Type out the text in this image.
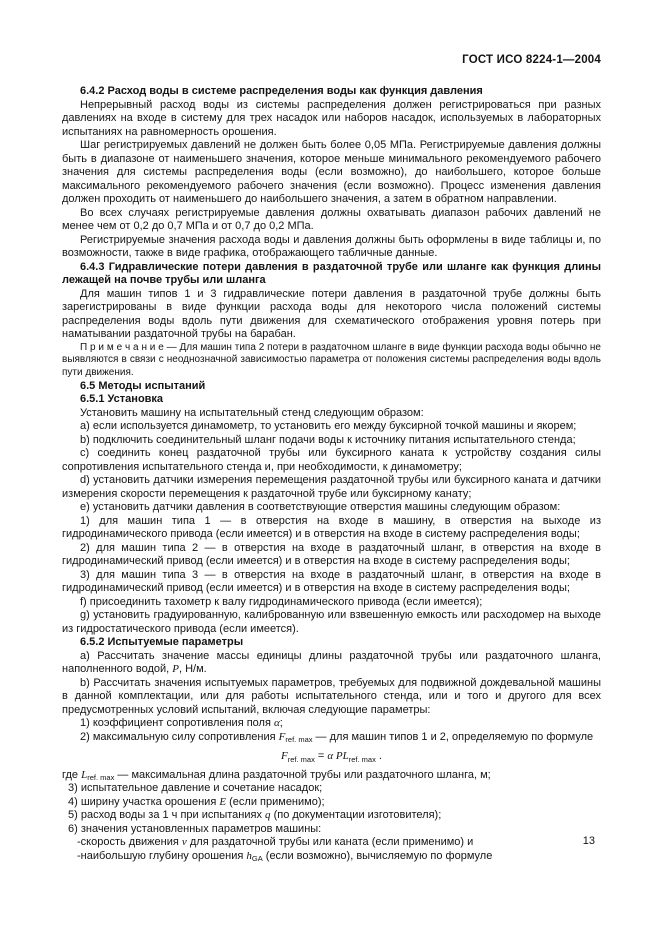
ГОСТ ИСО 8224-1—2004

6.4.2 Расход воды в системе распределения воды как функция давления

Непрерывный расход воды из системы распределения должен регистрироваться при разных давлениях на входе в систему для трех насадок или наборов насадок, используемых в лабораторных испытаниях на равномерность орошения.

Шаг регистрируемых давлений не должен быть более 0,05 МПа. Регистрируемые давления должны быть в диапазоне от наименьшего значения, которое меньше минимального рекомендуемого рабочего значения для системы распределения воды (если возможно), до наибольшего, которое больше максимального рекомендуемого рабочего значения (если возможно). Процесс изменения давления должен проходить от наименьшего до наибольшего значения, а затем в обратном направлении.

Во всех случаях регистрируемые давления должны охватывать диапазон рабочих давлений не менее чем от 0,2 до 0,7 МПа и от 0,7 до 0,2 МПа.

Регистрируемые значения расхода воды и давления должны быть оформлены в виде таблицы и, по возможности, также в виде графика, отображающего табличные данные.

6.4.3 Гидравлические потери давления в раздаточной трубе или шланге как функция длины лежащей на почве трубы или шланга

Для машин типов 1 и 3 гидравлические потери давления в раздаточной трубе должны быть зарегистрированы в виде функции расхода воды для некоторого числа положений системы распределения воды вдоль пути движения для схематического отображения уровня потерь при наматывании раздаточной трубы на барабан.

П р и м е ч а н и е — Для машин типа 2 потери в раздаточном шланге в виде функции расхода воды обычно не выявляются в связи с неоднозначной зависимостью параметра от положения системы распределения воды вдоль пути движения.

6.5 Методы испытаний

6.5.1 Установка

Установить машину на испытательный стенд следующим образом:

a) если используется динамометр, то установить его между буксирной точкой машины и якорем;

b) подключить соединительный шланг подачи воды к источнику питания испытательного стенда;

c) соединить конец раздаточной трубы или буксирного каната к устройству создания силы сопротивления испытательного стенда и, при необходимости, к динамометру;

d) установить датчики измерения перемещения раздаточной трубы или буксирного каната и датчики измерения скорости перемещения к раздаточной трубе или буксирному канату;

e) установить датчики давления в соответствующие отверстия машины следующим образом:

1) для машин типа 1 — в отверстия на входе в машину, в отверстия на выходе из гидродинамического привода (если имеется) и в отверстия на входе в систему распределения воды;

2) для машин типа 2 — в отверстия на входе в раздаточный шланг, в отверстия на входе в гидродинамический привод (если имеется) и в отверстия на входе в систему распределения воды;

3) для машин типа 3 — в отверстия на входе в раздаточный шланг, в отверстия на входе в гидродинамический привод (если имеется) и в отверстия на входе в систему распределения воды;

f) присоединить тахометр к валу гидродинамического привода (если имеется);

g) установить градуированную, калиброванную или взвешенную емкость или расходомер на выходе из гидростатического привода (если имеется).

6.5.2 Испытуемые параметры

a) Рассчитать значение массы единицы длины раздаточной трубы или раздаточного шланга, наполненного водой, P, Н/м.

b) Рассчитать значения испытуемых параметров, требуемых для подвижной дождевальной машины в данной комплектации, или для работы испытательного стенда, или и того и другого для всех предусмотренных условий испытаний, включая следующие параметры:

1) коэффициент сопротивления поля α;

2) максимальную силу сопротивления $F_{ref. max}$ — для машин типов 1 и 2, определяемую по формуле

$F_{ref. max} = \alpha$ $PL_{ref. max}$ .

где $L_{ref. max}$ — максимальная длина раздаточной трубы или раздаточного шланга, м;

3) испытательное давление и сочетание насадок;

4) ширину участка орошения E (если применимо);

5) расход воды за 1 ч при испытаниях q (по документации изготовителя);

6) значения установленных параметров машины:

-скорость движения v для раздаточной трубы или каната (если применимо) и

-наибольшую глубину орошения $h_{GA}$ (если возможно), вычисляемую по формуле

13
